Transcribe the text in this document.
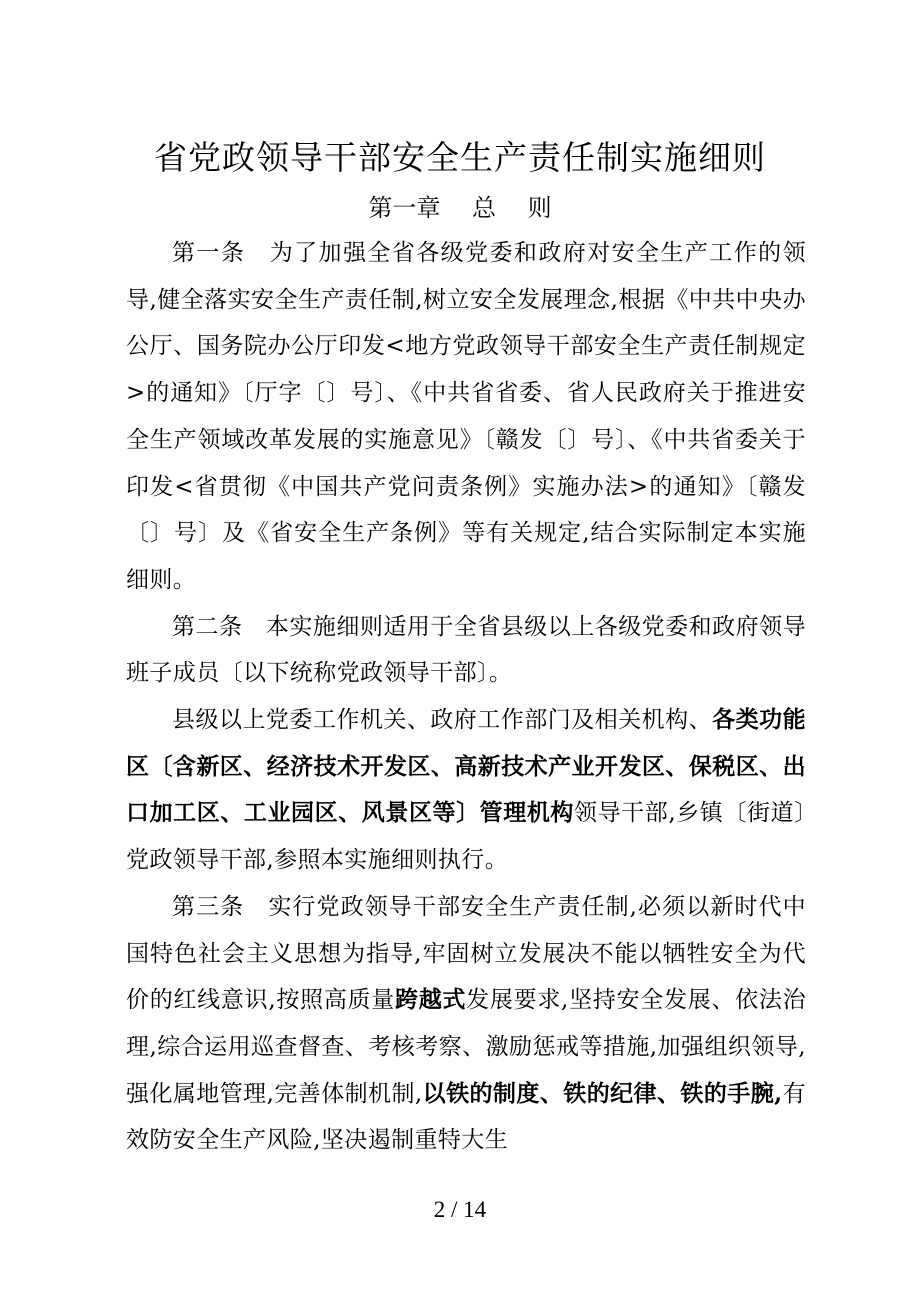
省党政领导干部安全生产责任制实施细则
第一章　 总　 则

第一条　为了加强全省各级党委和政府对安全生产工作的领导,健全落实安全生产责任制,树立安全发展理念,根据《中共中央办公厅、国务院办公厅印发<地方党政领导干部安全生产责任制规定>的通知》〔厅字〔〕号〕、《中共省省委、省人民政府关于推进安全生产领域改革发展的实施意见》〔赣发〔〕号〕、《中共省委关于印发<省贯彻《中国共产党问责条例》实施办法>的通知》〔赣发〔〕号〕及《省安全生产条例》等有关规定,结合实际制定本实施细则。

第二条　本实施细则适用于全省县级以上各级党委和政府领导班子成员〔以下统称党政领导干部〕。

县级以上党委工作机关、政府工作部门及相关机构、各类功能区〔含新区、经济技术开发区、高新技术产业开发区、保税区、出口加工区、工业园区、风景区等〕管理机构领导干部,乡镇〔街道〕党政领导干部,参照本实施细则执行。

第三条　实行党政领导干部安全生产责任制,必须以新时代中国特色社会主义思想为指导,牢固树立发展决不能以牺牲安全为代价的红线意识,按照高质量跨越式发展要求,坚持安全发展、依法治理,综合运用巡查督查、考核考察、激励惩戒等措施,加强组织领导,强化属地管理,完善体制机制,以铁的制度、铁的纪律、铁的手腕,有效防安全生产风险,坚决遏制重特大生

2 / 14
